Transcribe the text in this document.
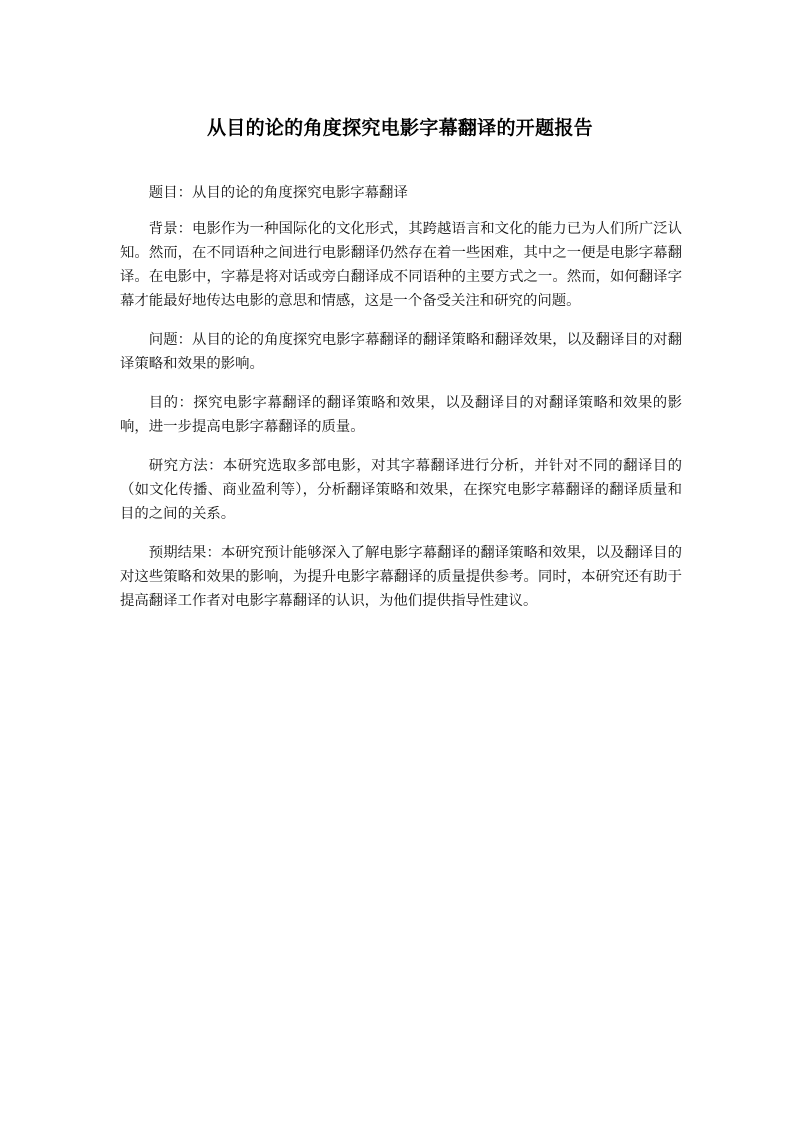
从目的论的角度探究电影字幕翻译的开题报告

题目：从目的论的角度探究电影字幕翻译

背景：电影作为一种国际化的文化形式，其跨越语言和文化的能力已为人们所广泛认知。然而，在不同语种之间进行电影翻译仍然存在着一些困难，其中之一便是电影字幕翻译。在电影中，字幕是将对话或旁白翻译成不同语种的主要方式之一。然而，如何翻译字幕才能最好地传达电影的意思和情感，这是一个备受关注和研究的问题。

问题：从目的论的角度探究电影字幕翻译的翻译策略和翻译效果，以及翻译目的对翻译策略和效果的影响。

目的：探究电影字幕翻译的翻译策略和效果，以及翻译目的对翻译策略和效果的影响，进一步提高电影字幕翻译的质量。

研究方法：本研究选取多部电影，对其字幕翻译进行分析，并针对不同的翻译目的（如文化传播、商业盈利等），分析翻译策略和效果，在探究电影字幕翻译的翻译质量和目的之间的关系。

预期结果：本研究预计能够深入了解电影字幕翻译的翻译策略和效果，以及翻译目的对这些策略和效果的影响，为提升电影字幕翻译的质量提供参考。同时，本研究还有助于提高翻译工作者对电影字幕翻译的认识，为他们提供指导性建议。
